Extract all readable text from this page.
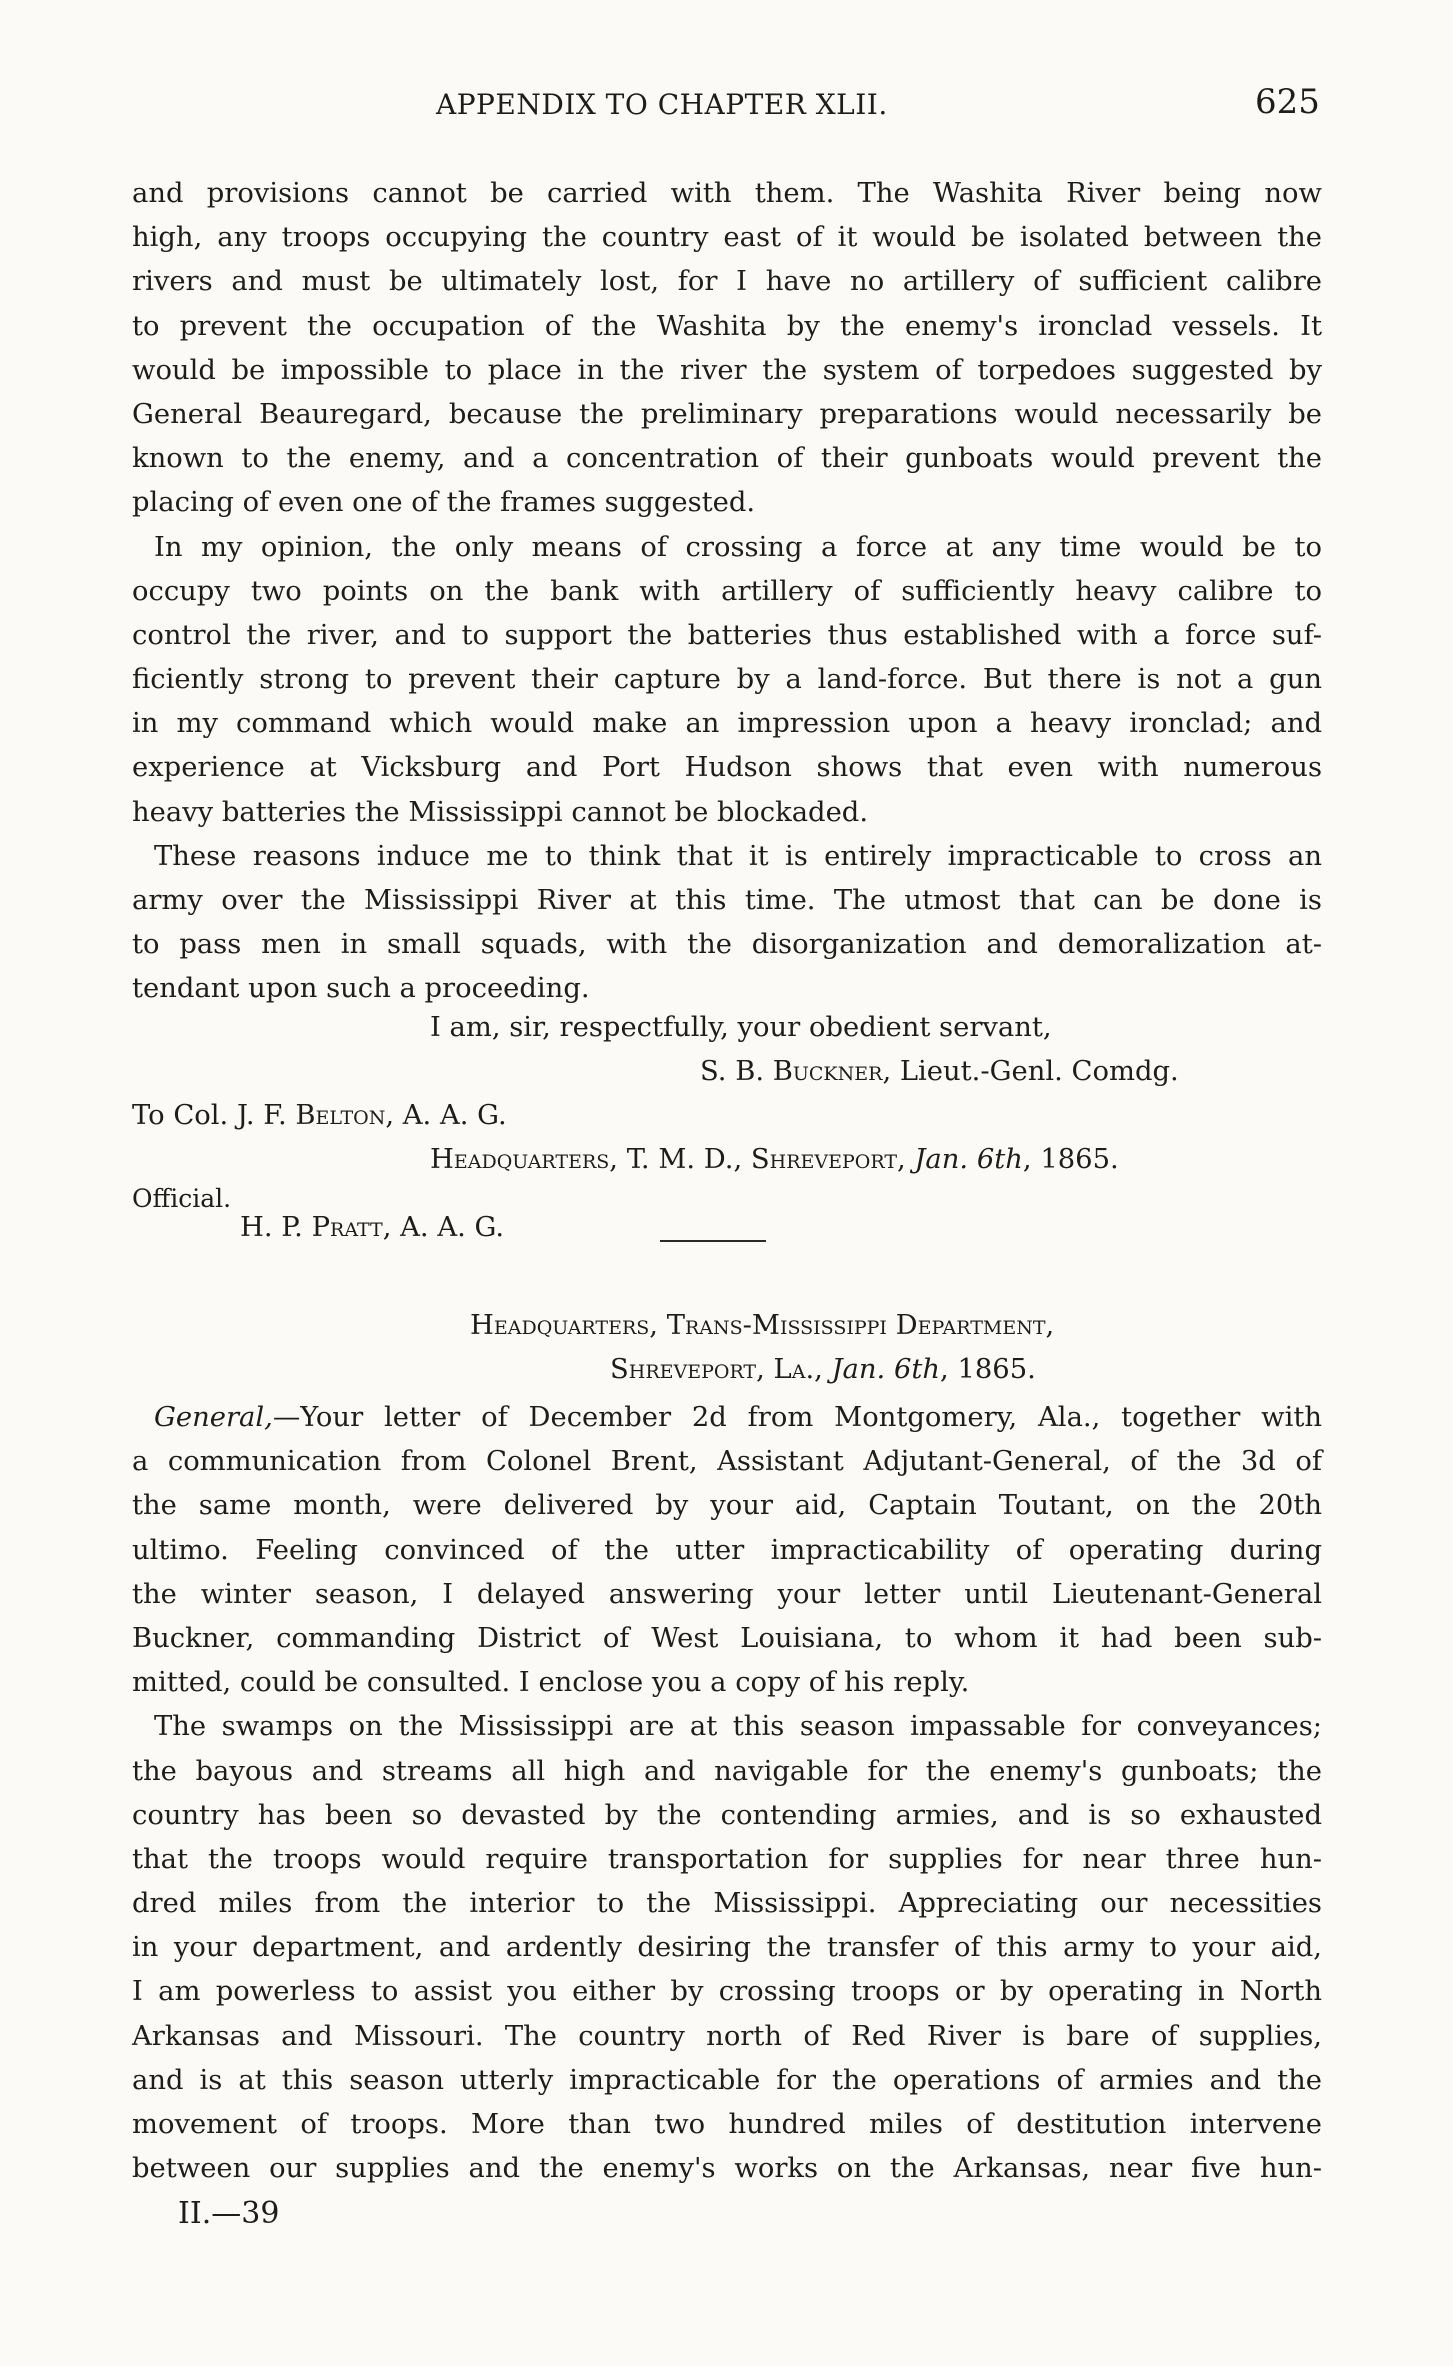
APPENDIX TO CHAPTER XLII.	625
and provisions cannot be carried with them. The Washita River being now
high, any troops occupying the country east of it would be isolated between the
rivers and must be ultimately lost, for I have no artillery of sufficient calibre
to prevent the occupation of the Washita by the enemy's ironclad vessels. It
would be impossible to place in the river the system of torpedoes suggested by
General Beauregard, because the preliminary preparations would necessarily be
known to the enemy, and a concentration of their gunboats would prevent the
placing of even one of the frames suggested.
In my opinion, the only means of crossing a force at any time would be to
occupy two points on the bank with artillery of sufficiently heavy calibre to
control the river, and to support the batteries thus established with a force suf-
ficiently strong to prevent their capture by a land-force. But there is not a gun
in my command which would make an impression upon a heavy ironclad; and
experience at Vicksburg and Port Hudson shows that even with numerous
heavy batteries the Mississippi cannot be blockaded.
These reasons induce me to think that it is entirely impracticable to cross an
army over the Mississippi River at this time. The utmost that can be done is
to pass men in small squads, with the disorganization and demoralization at-
tendant upon such a proceeding.
I am, sir, respectfully, your obedient servant,
S. B. Buckner, Lieut.-Genl. Comdg.
To Col. J. F. Belton, A. A. G.
Headquarters, T. M. D., Shreveport, Jan. 6th, 1865.
Official.
H. P. Pratt, A. A. G.
Headquarters, Trans-Mississippi Department,
Shreveport, La., Jan. 6th, 1865.
General,—Your letter of December 2d from Montgomery, Ala., together with
a communication from Colonel Brent, Assistant Adjutant-General, of the 3d of
the same month, were delivered by your aid, Captain Toutant, on the 20th
ultimo. Feeling convinced of the utter impracticability of operating during
the winter season, I delayed answering your letter until Lieutenant-General
Buckner, commanding District of West Louisiana, to whom it had been sub-
mitted, could be consulted. I enclose you a copy of his reply.
The swamps on the Mississippi are at this season impassable for conveyances;
the bayous and streams all high and navigable for the enemy's gunboats; the
country has been so devasted by the contending armies, and is so exhausted
that the troops would require transportation for supplies for near three hun-
dred miles from the interior to the Mississippi. Appreciating our necessities
in your department, and ardently desiring the transfer of this army to your aid,
I am powerless to assist you either by crossing troops or by operating in North
Arkansas and Missouri. The country north of Red River is bare of supplies,
and is at this season utterly impracticable for the operations of armies and the
movement of troops. More than two hundred miles of destitution intervene
between our supplies and the enemy's works on the Arkansas, near five hun-
II.—39
